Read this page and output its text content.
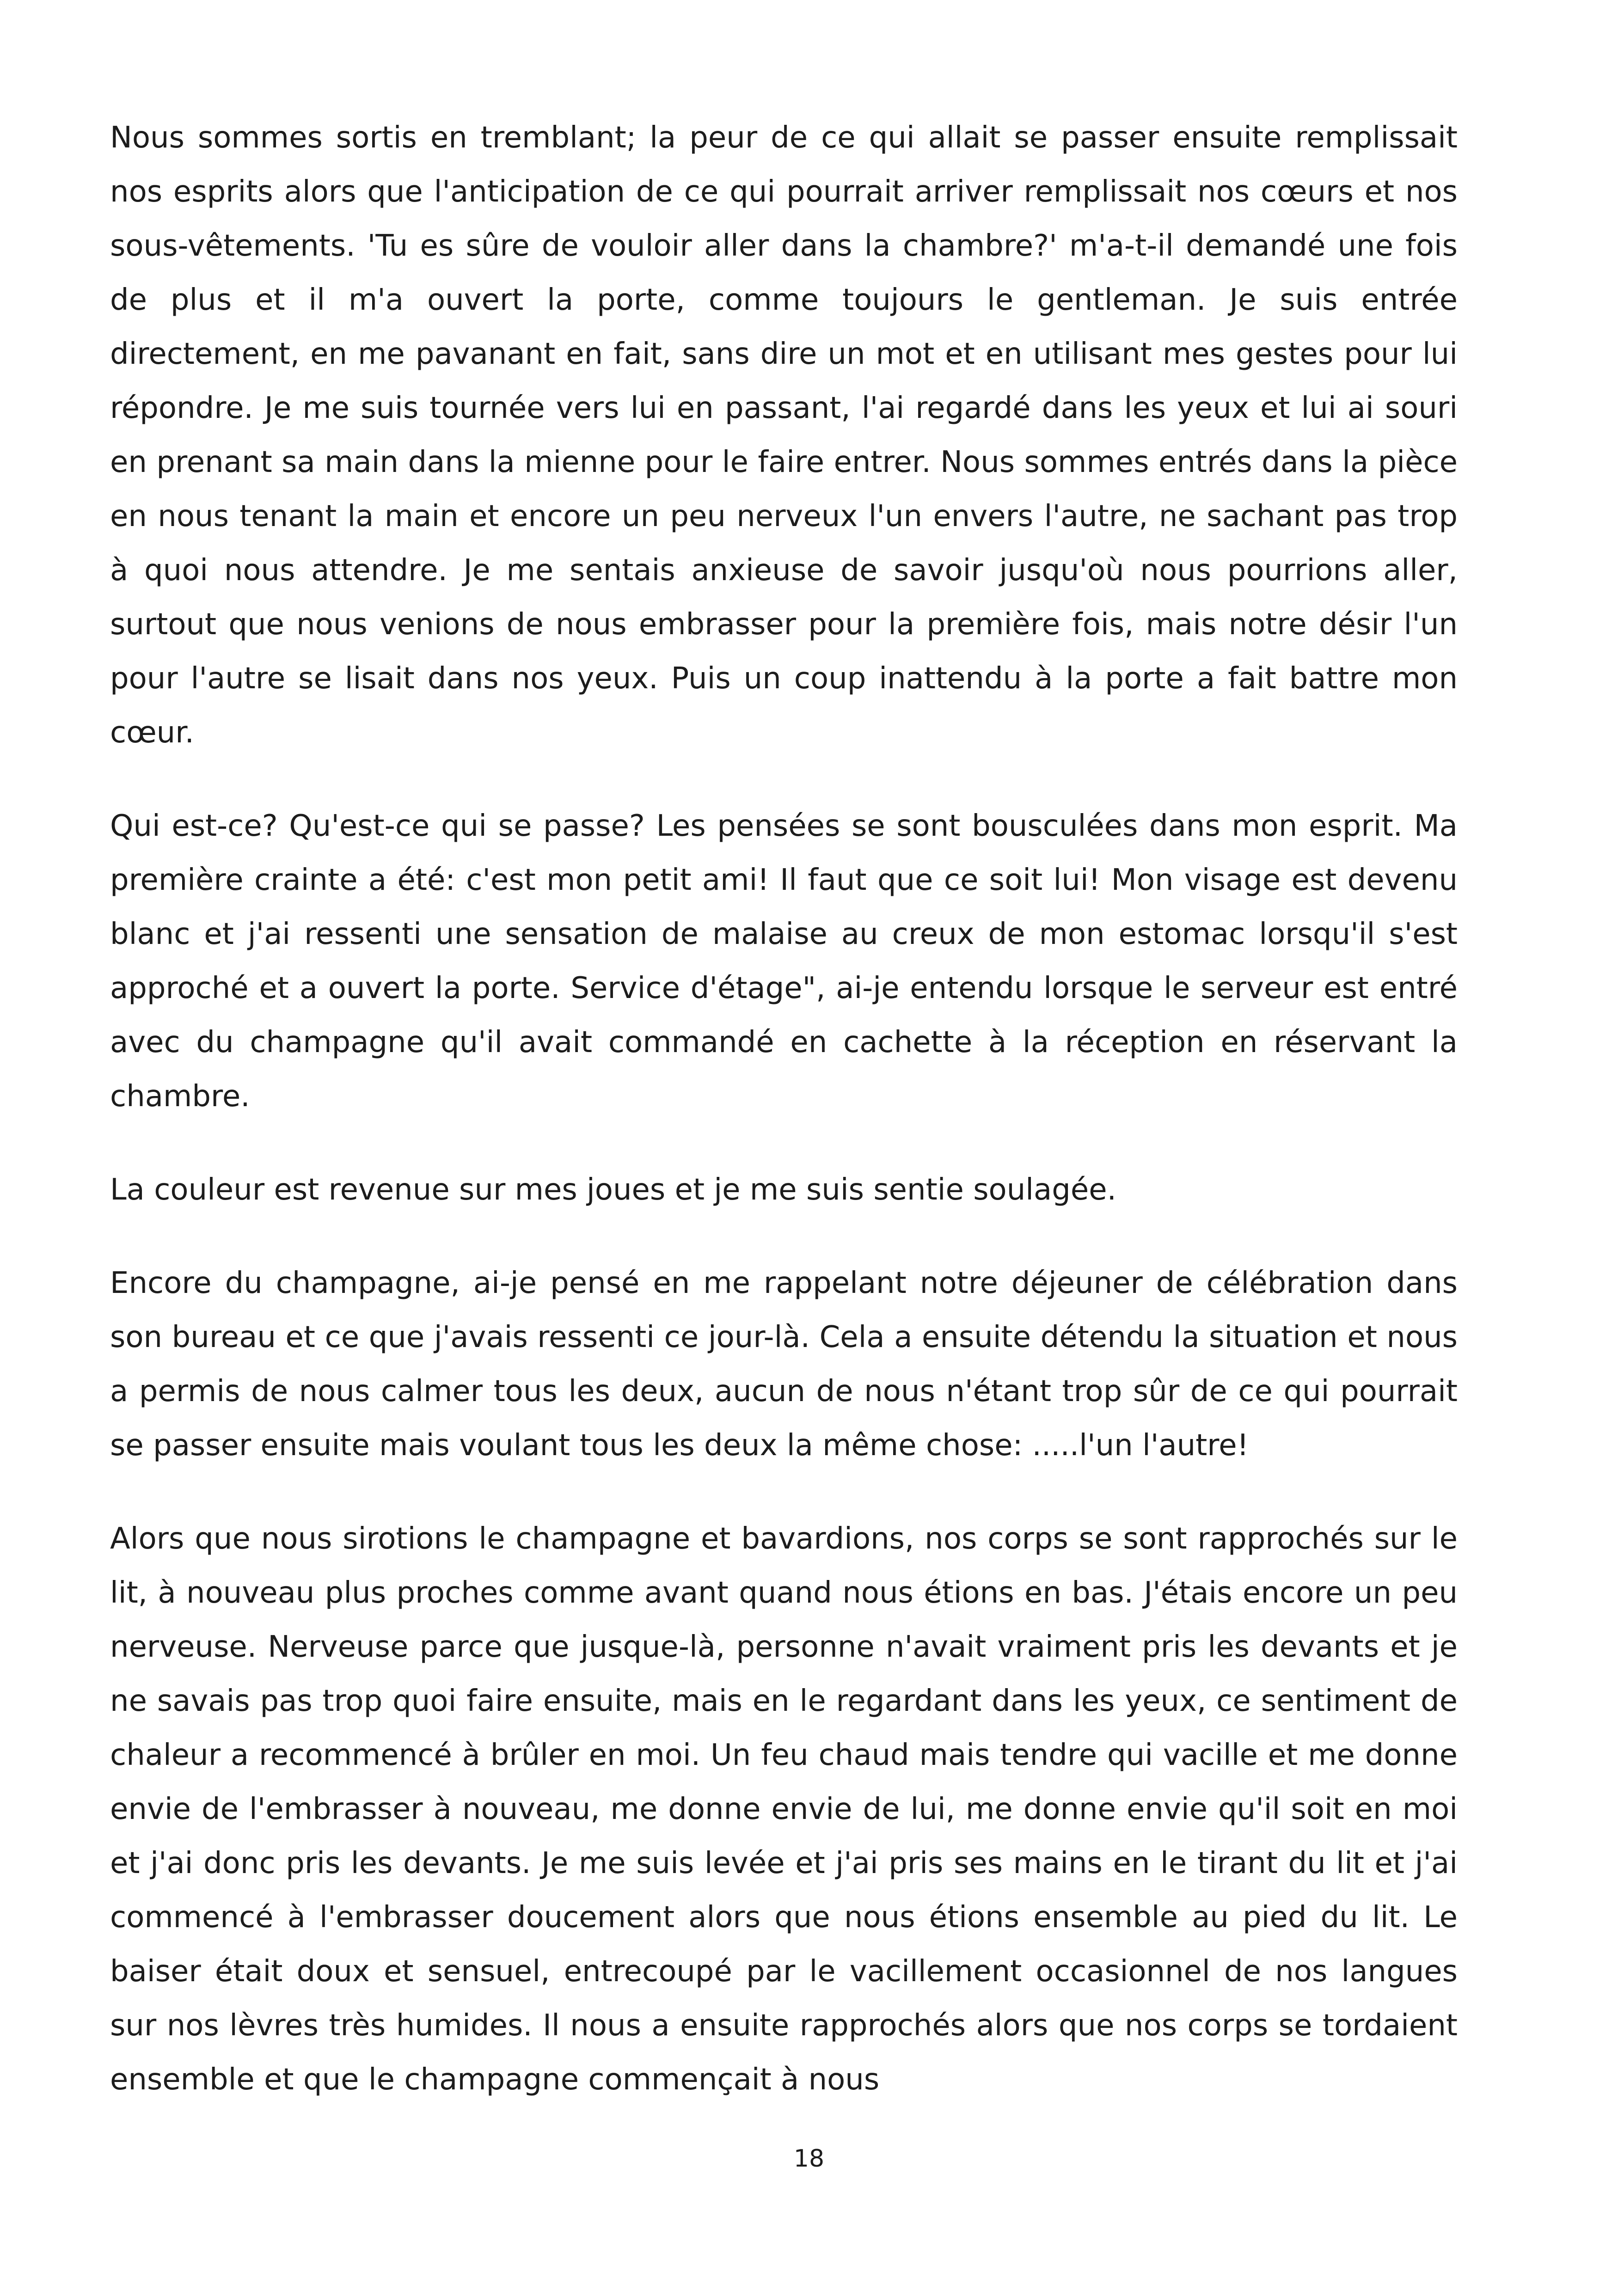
Nous sommes sortis en tremblant; la peur de ce qui allait se passer ensuite remplissait nos esprits alors que l'anticipation de ce qui pourrait arriver remplissait nos cœurs et nos sous-vêtements. 'Tu es sûre de vouloir aller dans la chambre?' m'a-t-il demandé une fois de plus et il m'a ouvert la porte, comme toujours le gentleman. Je suis entrée directement, en me pavanant en fait, sans dire un mot et en utilisant mes gestes pour lui répondre. Je me suis tournée vers lui en passant, l'ai regardé dans les yeux et lui ai souri en prenant sa main dans la mienne pour le faire entrer. Nous sommes entrés dans la pièce en nous tenant la main et encore un peu nerveux l'un envers l'autre, ne sachant pas trop à quoi nous attendre. Je me sentais anxieuse de savoir jusqu'où nous pourrions aller, surtout que nous venions de nous embrasser pour la première fois, mais notre désir l'un pour l'autre se lisait dans nos yeux. Puis un coup inattendu à la porte a fait battre mon cœur.

Qui est-ce? Qu'est-ce qui se passe? Les pensées se sont bousculées dans mon esprit. Ma première crainte a été: c'est mon petit ami! Il faut que ce soit lui! Mon visage est devenu blanc et j'ai ressenti une sensation de malaise au creux de mon estomac lorsqu'il s'est approché et a ouvert la porte. Service d'étage", ai-je entendu lorsque le serveur est entré avec du champagne qu'il avait commandé en cachette à la réception en réservant la chambre.

La couleur est revenue sur mes joues et je me suis sentie soulagée.

Encore du champagne, ai-je pensé en me rappelant notre déjeuner de célébration dans son bureau et ce que j'avais ressenti ce jour-là. Cela a ensuite détendu la situation et nous a permis de nous calmer tous les deux, aucun de nous n'étant trop sûr de ce qui pourrait se passer ensuite mais voulant tous les deux la même chose: .....l'un l'autre!

Alors que nous sirotions le champagne et bavardions, nos corps se sont rapprochés sur le lit, à nouveau plus proches comme avant quand nous étions en bas. J'étais encore un peu nerveuse. Nerveuse parce que jusque-là, personne n'avait vraiment pris les devants et je ne savais pas trop quoi faire ensuite, mais en le regardant dans les yeux, ce sentiment de chaleur a recommencé à brûler en moi. Un feu chaud mais tendre qui vacille et me donne envie de l'embrasser à nouveau, me donne envie de lui, me donne envie qu'il soit en moi et j'ai donc pris les devants. Je me suis levée et j'ai pris ses mains en le tirant du lit et j'ai commencé à l'embrasser doucement alors que nous étions ensemble au pied du lit. Le baiser était doux et sensuel, entrecoupé par le vacillement occasionnel de nos langues sur nos lèvres très humides. Il nous a ensuite rapprochés alors que nos corps se tordaient ensemble et que le champagne commençait à nous

18
